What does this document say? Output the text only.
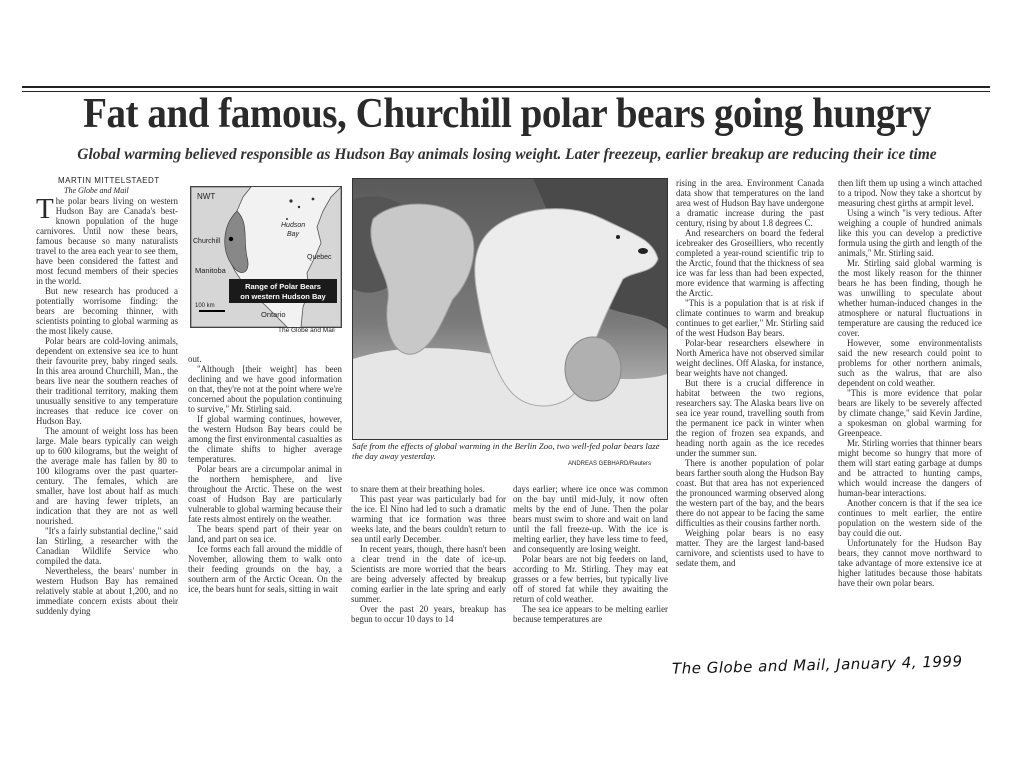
Fat and famous, Churchill polar bears going hungry
Global warming believed responsible as Hudson Bay animals losing weight. Later freezeup, earlier breakup are reducing their ice time
MARTIN MITTELSTAEDT
The Globe and Mail

The polar bears living on western Hudson Bay are Canada's best-known population of the huge carnivores. Until now these bears, famous because so many naturalists travel to the area each year to see them, have been considered the fattest and most fecund members of their species in the world.

But new research has produced a potentially worrisome finding: the bears are becoming thinner, with scientists pointing to global warming as the most likely cause.

Polar bears are cold-loving animals, dependent on extensive sea ice to hunt their favourite prey, baby ringed seals. In this area around Churchill, Man., the bears live near the southern reaches of their traditional territory, making them unusually sensitive to any temperature increases that reduce ice cover on Hudson Bay.

The amount of weight loss has been large. Male bears typically can weigh up to 600 kilograms, but the weight of the average male has fallen by 80 to 100 kilograms over the past quarter-century. The females, which are smaller, have lost about half as much and are having fewer triplets, an indication that they are not as well nourished.

"It's a fairly substantial decline," said Ian Stirling, a researcher with the Canadian Wildlife Service who compiled the data.

Nevertheless, the bears' number in western Hudson Bay has remained relatively stable at about 1,200, and no immediate concern exists about their suddenly dying

NWT
Hudson
Bay
Churchill
Manitoba
Quebec
Ontario
100 km
Range of Polar Bears
on western Hudson Bay
The Globe and Mail

out.

"Although [their weight] has been declining and we have good information on that, they're not at the point where we're concerned about the population continuing to survive," Mr. Stirling said.

If global warming continues, however, the western Hudson Bay bears could be among the first environmental casualties as the climate shifts to higher average temperatures.

Polar bears are a circumpolar animal in the northern hemisphere, and live throughout the Arctic. These on the west coast of Hudson Bay are particularly vulnerable to global warming because their fate rests almost entirely on the weather.

The bears spend part of their year on land, and part on sea ice.

Ice forms each fall around the middle of November, allowing them to walk onto their feeding grounds on the bay, a southern arm of the Arctic Ocean. On the ice, the bears hunt for seals, sitting in wait

Safe from the effects of global warming in the Berlin Zoo, two well-fed polar bears laze the day away yesterday.
ANDREAS GEBHARD/Reuters

to snare them at their breathing holes.

This past year was particularly bad for the ice. El Nino had led to such a dramatic warming that ice formation was three weeks late, and the bears couldn't return to sea until early December.

In recent years, though, there hasn't been a clear trend in the date of ice-up. Scientists are more worried that the bears are being adversely affected by breakup coming earlier in the late spring and early summer.

Over the past 20 years, breakup has begun to occur 10 days to 14

days earlier; where ice once was common on the bay until mid-July, it now often melts by the end of June. Then the polar bears must swim to shore and wait on land until the fall freeze-up. With the ice is melting earlier, they have less time to feed, and consequently are losing weight.

Polar bears are not big feeders on land, according to Mr. Stirling. They may eat grasses or a few berries, but typically live off of stored fat while they awaiting the return of cold weather.

The sea ice appears to be melting earlier because temperatures are

rising in the area. Environment Canada data show that temperatures on the land area west of Hudson Bay have undergone a dramatic increase during the past century, rising by about 1.8 degrees C.

And researchers on board the federal icebreaker des Groseilliers, who recently completed a year-round scientific trip to the Arctic, found that the thickness of sea ice was far less than had been expected, more evidence that warming is affecting the Arctic.

"This is a population that is at risk if climate continues to warm and breakup continues to get earlier," Mr. Stirling said of the west Hudson Bay bears.

Polar-bear researchers elsewhere in North America have not observed similar weight declines. Off Alaska, for instance, bear weights have not changed.

But there is a crucial difference in habitat between the two regions, researchers say. The Alaska bears live on sea ice year round, travelling south from the permanent ice pack in winter when the region of frozen sea expands, and heading north again as the ice recedes under the summer sun.

There is another population of polar bears farther south along the Hudson Bay coast. But that area has not experienced the pronounced warming observed along the western part of the bay, and the bears there do not appear to be facing the same difficulties as their cousins farther north.

Weighing polar bears is no easy matter. They are the largest land-based carnivore, and scientists used to have to sedate them, and

then lift them up using a winch attached to a tripod. Now they take a shortcut by measuring chest girths at armpit level.

Using a winch "is very tedious. After weighing a couple of hundred animals like this you can develop a predictive formula using the girth and length of the animals," Mr. Stirling said.

Mr. Stirling said global warming is the most likely reason for the thinner bears he has been finding, though he was unwilling to speculate about whether human-induced changes in the atmosphere or natural fluctuations in temperature are causing the reduced ice cover.

However, some environmentalists said the new research could point to problems for other northern animals, such as the walrus, that are also dependent on cold weather.

"This is more evidence that polar bears are likely to be severely affected by climate change," said Kevin Jardine, a spokesman on global warming for Greenpeace.

Mr. Stirling worries that thinner bears might become so hungry that more of them will start eating garbage at dumps and be attracted to hunting camps, which would increase the dangers of human-bear interactions.

Another concern is that if the sea ice continues to melt earlier, the entire population on the western side of the bay could die out.

Unfortunately for the Hudson Bay bears, they cannot move northward to take advantage of more extensive ice at higher latitudes because those habitats have their own polar bears.

The Globe and Mail, January 4, 1999
